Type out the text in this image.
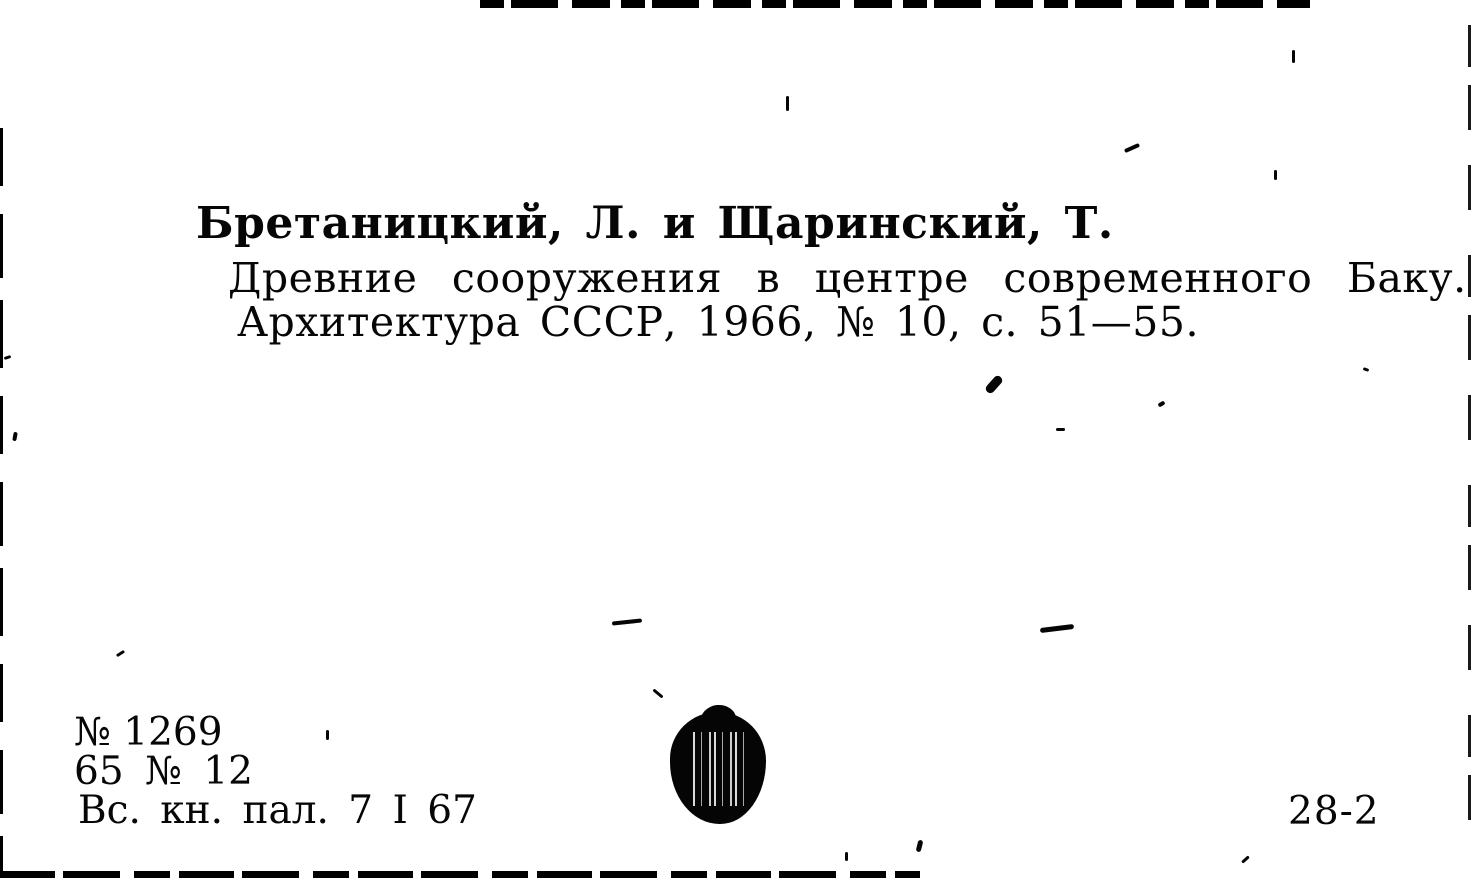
Бретаницкий, Л. и Щаринский, Т.
Древние сооружения в центре современного Баку.
Архитектура СССР, 1966, № 10, с. 51—55.
№ 1269
65 № 12
Вс. кн. пал. 7 I 67	28-2
